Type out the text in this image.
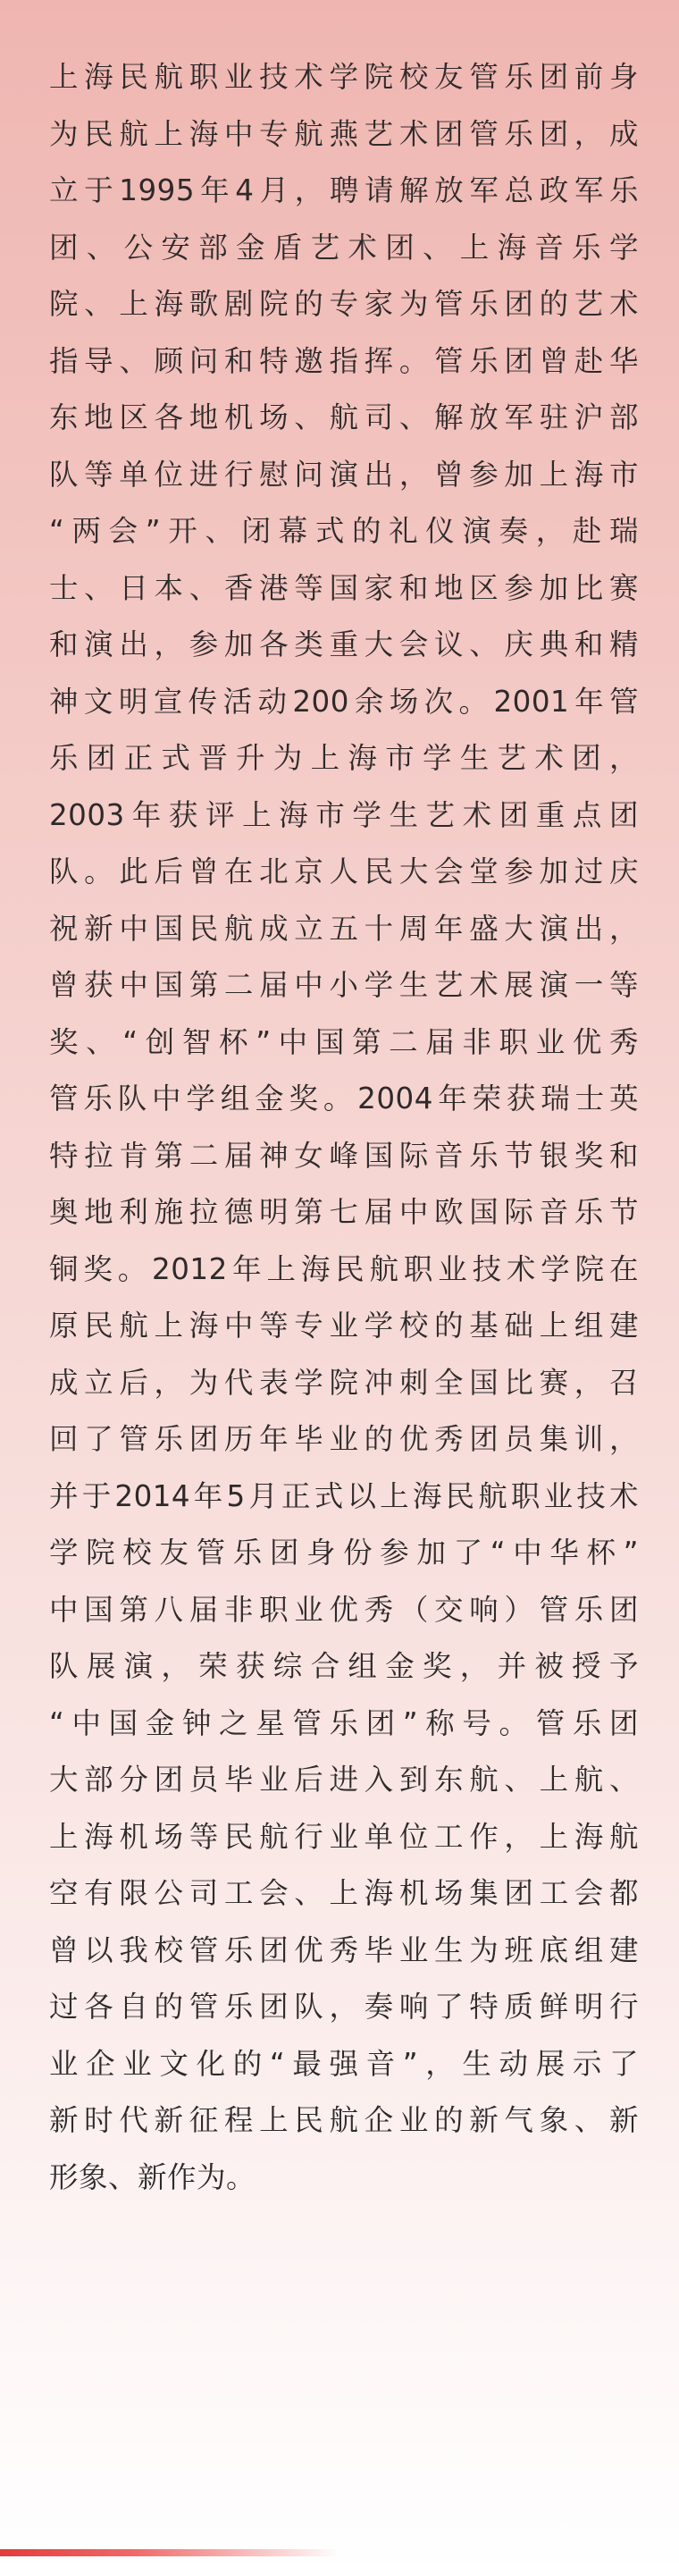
上海民航职业技术学院校友管乐团前身
为民航上海中专航燕艺术团管乐团，成
立于1995年4月，聘请解放军总政军乐
团、公安部金盾艺术团、上海音乐学
院、上海歌剧院的专家为管乐团的艺术
指导、顾问和特邀指挥。管乐团曾赴华
东地区各地机场、航司、解放军驻沪部
队等单位进行慰问演出，曾参加上海市
“两会”开、闭幕式的礼仪演奏，赴瑞
士、日本、香港等国家和地区参加比赛
和演出，参加各类重大会议、庆典和精
神文明宣传活动200余场次。2001年管
乐团正式晋升为上海市学生艺术团，
2003年获评上海市学生艺术团重点团
队。此后曾在北京人民大会堂参加过庆
祝新中国民航成立五十周年盛大演出，
曾获中国第二届中小学生艺术展演一等
奖、“创智杯”中国第二届非职业优秀
管乐队中学组金奖。2004年荣获瑞士英
特拉肯第二届神女峰国际音乐节银奖和
奥地利施拉德明第七届中欧国际音乐节
铜奖。2012年上海民航职业技术学院在
原民航上海中等专业学校的基础上组建
成立后，为代表学院冲刺全国比赛，召
回了管乐团历年毕业的优秀团员集训，
并于2014年5月正式以上海民航职业技术
学院校友管乐团身份参加了“中华杯”
中国第八届非职业优秀（交响）管乐团
队展演，荣获综合组金奖，并被授予
“中国金钟之星管乐团”称号。管乐团
大部分团员毕业后进入到东航、上航、
上海机场等民航行业单位工作，上海航
空有限公司工会、上海机场集团工会都
曾以我校管乐团优秀毕业生为班底组建
过各自的管乐团队，奏响了特质鲜明行
业企业文化的“最强音”，生动展示了
新时代新征程上民航企业的新气象、新
形象、新作为。
